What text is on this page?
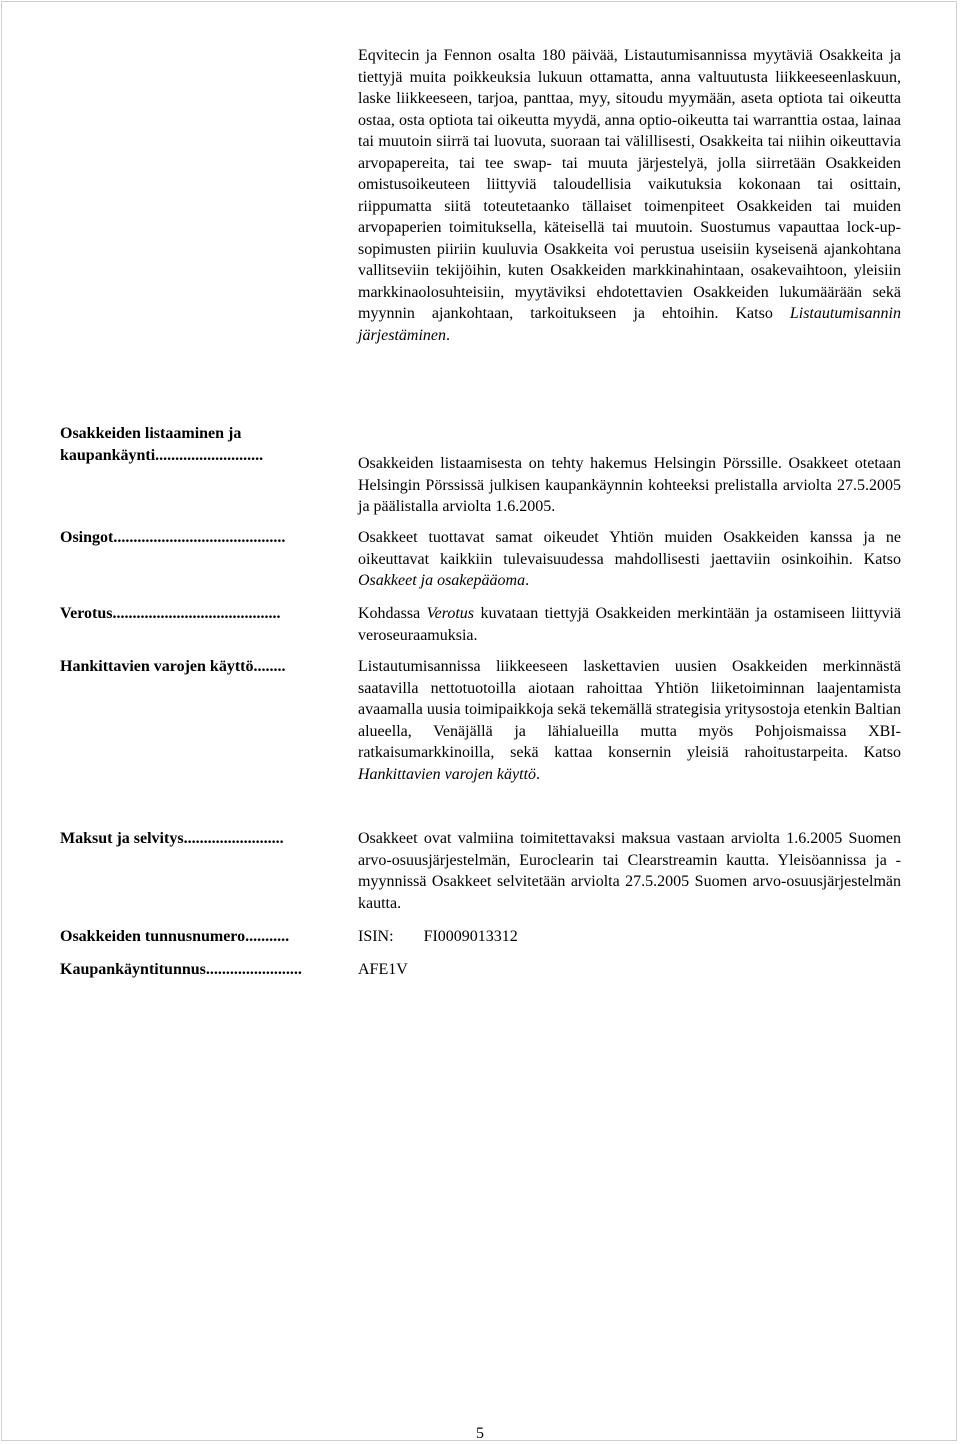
Eqvitecin ja Fennon osalta 180 päivää, Listautumisannissa myytäviä Osakkeita ja tiettyjä muita poikkeuksia lukuun ottamatta, anna valtuutusta liikkeeseenlaskuun, laske liikkeeseen, tarjoa, panttaa, myy, sitoudu myymään, aseta optiota tai oikeutta ostaa, osta optiota tai oikeutta myydä, anna optio-oikeutta tai warranttia ostaa, lainaa tai muutoin siirrä tai luovuta, suoraan tai välillisesti, Osakkeita tai niihin oikeuttavia arvopapereita, tai tee swap- tai muuta järjestelyä, jolla siirretään Osakkeiden omistusoikeuteen liittyviä taloudellisia vaikutuksia kokonaan tai osittain, riippumatta siitä toteutetaanko tällaiset toimenpiteet Osakkeiden tai muiden arvopaperien toimituksella, käteisellä tai muutoin. Suostumus vapauttaa lock-up-sopimusten piiriin kuuluvia Osakkeita voi perustua useisiin kyseisenä ajankohtana vallitseviin tekijöihin, kuten Osakkeiden markkinahintaan, osakevaihtoon, yleisiin markkinaolosuhteisiin, myytäviksi ehdotettavien Osakkeiden lukumäärään sekä myynnin ajankohtaan, tarkoitukseen ja ehtoihin. Katso Listautumisannin järjestäminen.
Osakkeiden listaaminen ja
kaupankäynti...........................	Osakkeiden listaamisesta on tehty hakemus Helsingin Pörssille. Osakkeet otetaan Helsingin Pörssissä julkisen kaupankäynnin kohteeksi prelistalla arviolta 27.5.2005 ja päälistalla arviolta 1.6.2005.
Osingot...........................................	Osakkeet tuottavat samat oikeudet Yhtiön muiden Osakkeiden kanssa ja ne oikeuttavat kaikkiin tulevaisuudessa mahdollisesti jaettaviin osinkoihin. Katso Osakkeet ja osakepääoma.
Verotus..........................................	Kohdassa Verotus kuvataan tiettyjä Osakkeiden merkintään ja ostamiseen liittyviä veroseuraamuksia.
Hankittavien varojen käyttö........	Listautumisannissa liikkeeseen laskettavien uusien Osakkeiden merkinnästä saatavilla nettotuotoilla aiotaan rahoittaa Yhtiön liiketoiminnan laajentamista avaamalla uusia toimipaikkoja sekä tekemällä strategisia yritysostoja etenkin Baltian alueella, Venäjällä ja lähialueilla mutta myös Pohjoismaissa XBI-ratkaisumarkkinoilla, sekä kattaa konsernin yleisiä rahoitustarpeita. Katso Hankittavien varojen käyttö.
Maksut ja selvitys.........................	Osakkeet ovat valmiina toimitettavaksi maksua vastaan arviolta 1.6.2005 Suomen arvo-osuusjärjestelmän, Euroclearin tai Clearstreamin kautta. Yleisöannissa ja -myynnissä Osakkeet selvitetään arviolta 27.5.2005 Suomen arvo-osuusjärjestelmän kautta.
Osakkeiden tunnusnumero...........	ISIN: FI0009013312
Kaupankäyntitunnus........................	AFE1V
5
